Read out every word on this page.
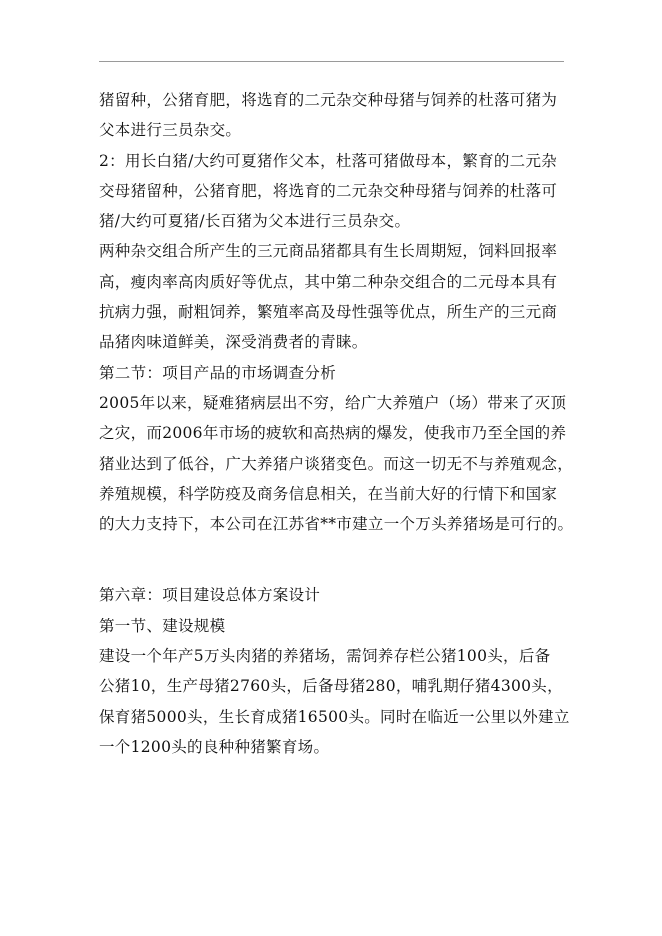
猪留种，公猪育肥，将选育的二元杂交种母猪与饲养的杜落可猪为
父本进行三员杂交。
2：用长白猪/大约可夏猪作父本，杜落可猪做母本，繁育的二元杂
交母猪留种，公猪育肥，将选育的二元杂交种母猪与饲养的杜落可
猪/大约可夏猪/长百猪为父本进行三员杂交。
两种杂交组合所产生的三元商品猪都具有生长周期短，饲料回报率
高，瘦肉率高肉质好等优点，其中第二种杂交组合的二元母本具有
抗病力强，耐粗饲养，繁殖率高及母性强等优点，所生产的三元商
品猪肉味道鲜美，深受消费者的青睐。
第二节：项目产品的市场调查分析
2005年以来，疑难猪病层出不穷，给广大养殖户（场）带来了灭顶
之灾，而2006年市场的疲软和高热病的爆发，使我市乃至全国的养
猪业达到了低谷，广大养猪户谈猪变色。而这一切无不与养殖观念，
养殖规模，科学防疫及商务信息相关，在当前大好的行情下和国家
的大力支持下，本公司在江苏省**市建立一个万头养猪场是可行的。
第六章：项目建设总体方案设计
第一节、建设规模
建设一个年产5万头肉猪的养猪场，需饲养存栏公猪100头，后备
公猪10，生产母猪2760头，后备母猪280，哺乳期仔猪4300头，
保育猪5000头，生长育成猪16500头。同时在临近一公里以外建立
一个1200头的良种种猪繁育场。
